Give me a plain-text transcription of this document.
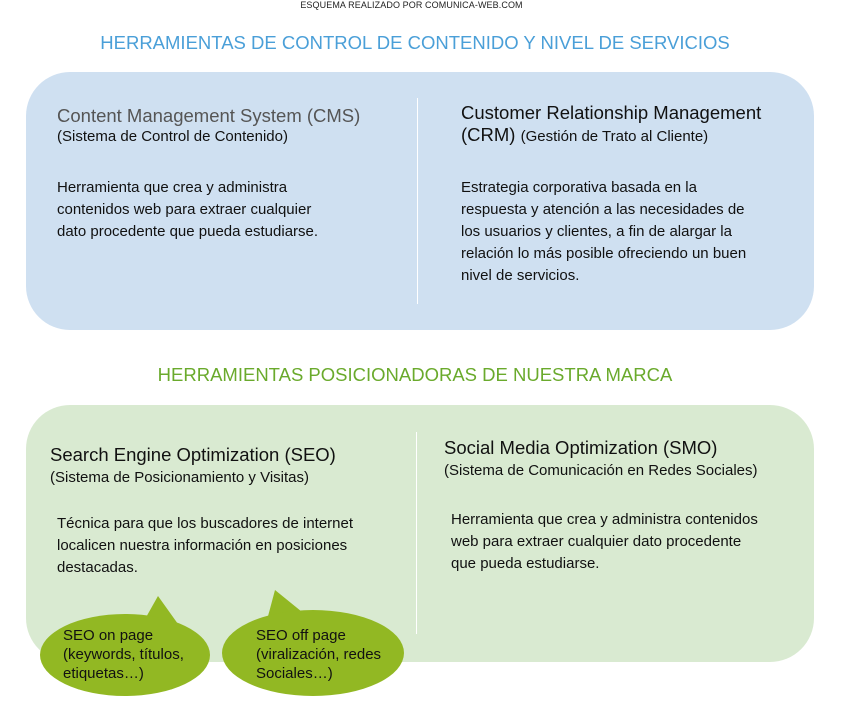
ESQUEMA REALIZADO POR COMUNICA-WEB.COM
HERRAMIENTAS DE CONTROL DE CONTENIDO Y NIVEL DE SERVICIOS
Content Management System (CMS)
(Sistema de Control de Contenido)
Herramienta que crea y administra
contenidos web para extraer cualquier
dato procedente que pueda estudiarse.
Customer Relationship Management
(CRM) (Gestión de Trato al Cliente)
Estrategia corporativa basada en la
respuesta y atención a las necesidades de
los usuarios y clientes, a fin de alargar la
relación lo más posible ofreciendo un buen
nivel de servicios.
HERRAMIENTAS POSICIONADORAS DE NUESTRA MARCA
Search Engine Optimization (SEO)
(Sistema de Posicionamiento y Visitas)
Técnica para que los buscadores de internet
localicen nuestra información en posiciones
destacadas.
SEO on page
(keywords, títulos,
etiquetas…)
SEO off page
(viralización, redes
Sociales…)
Social Media Optimization (SMO)
(Sistema de Comunicación en Redes Sociales)
Herramienta que crea y administra contenidos
web para extraer cualquier dato procedente
que pueda estudiarse.
